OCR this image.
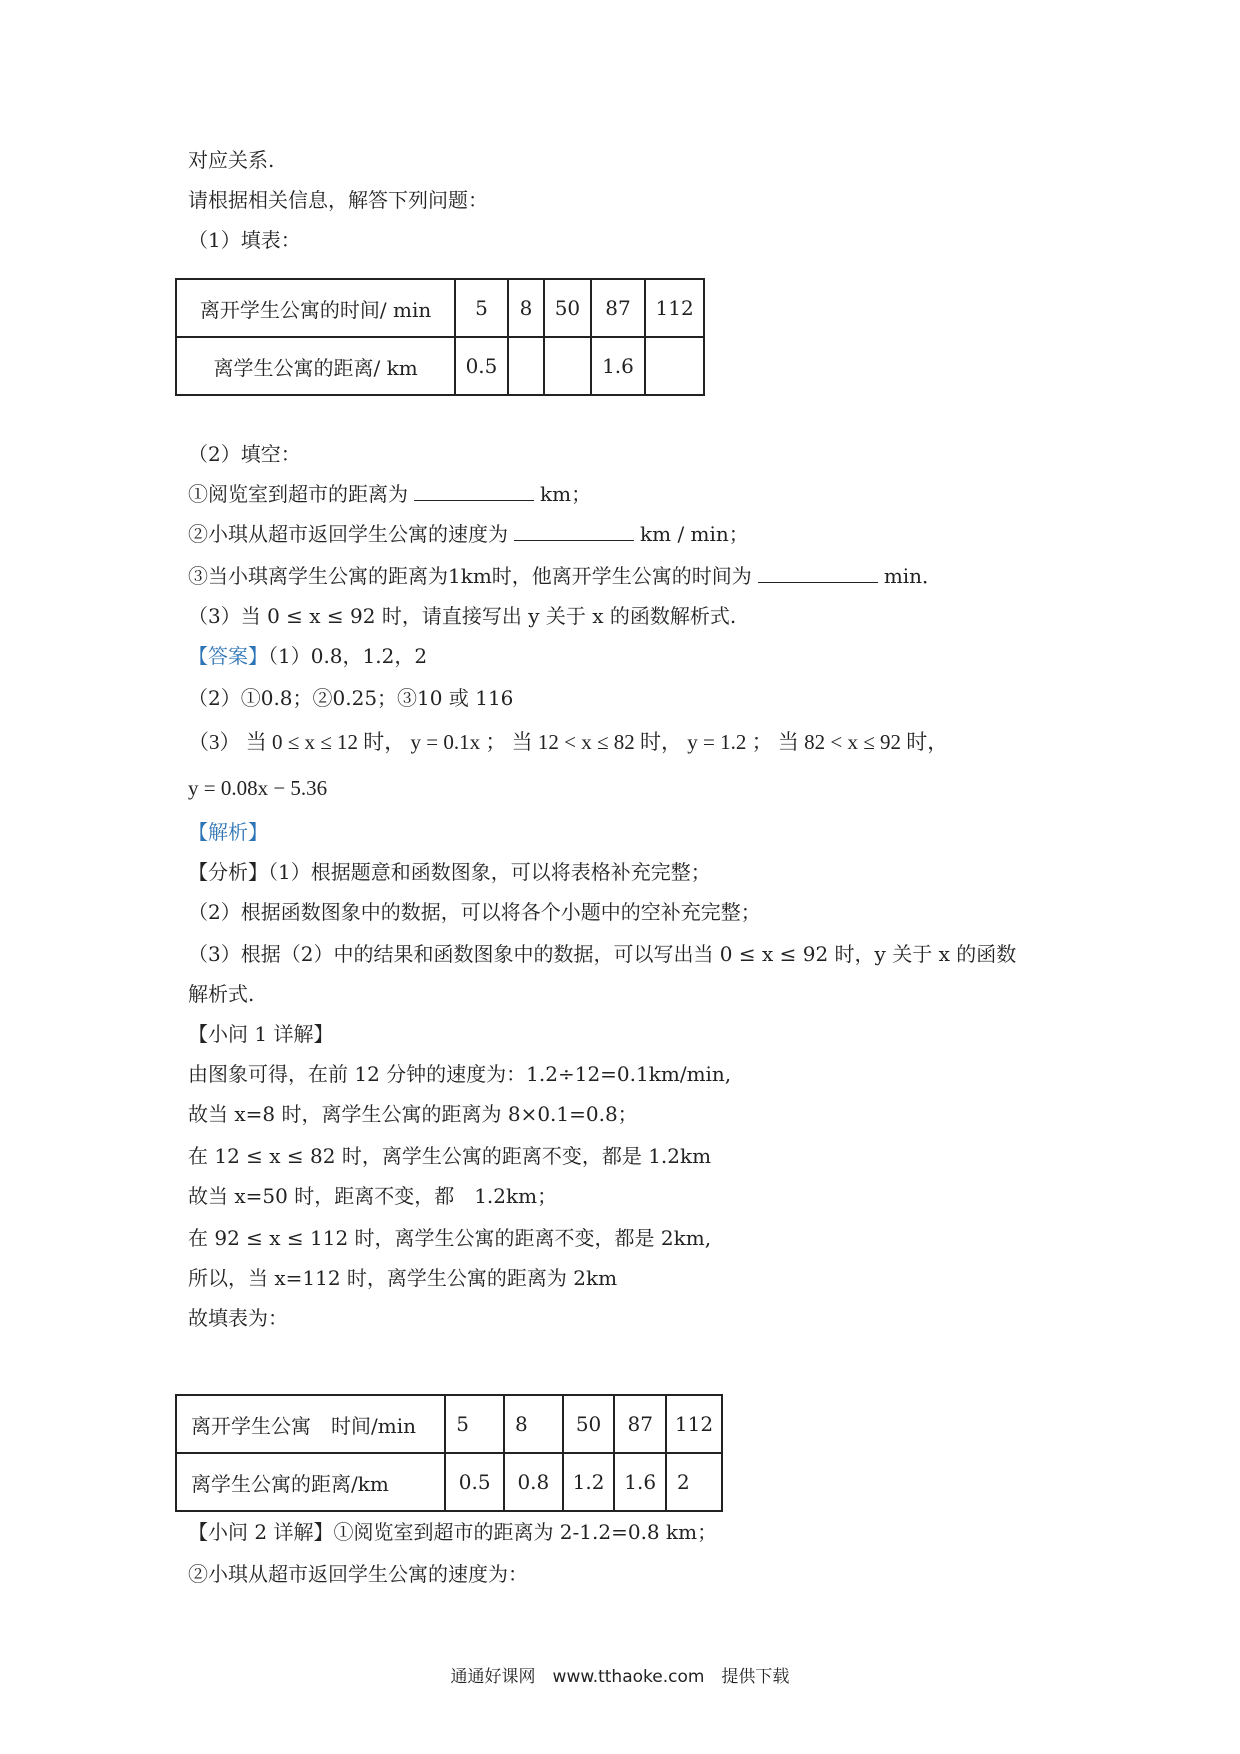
对应关系.
请根据相关信息，解答下列问题：
（1）填表：
离开学生公寓的时间/ min	5	8	50	87	112
离学生公寓的距离/ km	0.5			1.6	
（2）填空：
①阅览室到超市的距离为	km；
②小琪从超市返回学生公寓的速度为	km / min；
③当小琪离学生公寓的距离为1km时，他离开学生公寓的时间为	min．
（3）当 0 ≤ x ≤ 92 时，请直接写出 y 关于 x 的函数解析式.
【答案】（1）0.8，1.2，2
（2）①0.8；②0.25；③10 或 116
（3） 当 0 ≤ x ≤ 12 时， y = 0.1x ； 当 12 < x ≤ 82 时， y = 1.2 ； 当 82 < x ≤ 92 时，
y = 0.08x − 5.36
【解析】
【分析】（1）根据题意和函数图象，可以将表格补充完整；
（2）根据函数图象中的数据，可以将各个小题中的空补充完整；
（3）根据（2）中的结果和函数图象中的数据，可以写出当 0 ≤ x ≤ 92 时，y 关于 x 的函数
解析式.
【小问 1 详解】
由图象可得，在前 12 分钟的速度为：1.2÷12=0.1km/min,
故当 x=8 时，离学生公寓的距离为 8×0.1=0.8；
在 12 ≤ x ≤ 82 时，离学生公寓的距离不变，都是 1.2km
故当 x=50 时，距离不变，都　1.2km；
在 92 ≤ x ≤ 112 时，离学生公寓的距离不变，都是 2km,
所以，当 x=112 时，离学生公寓的距离为 2km
故填表为：
离开学生公寓　时间/min	5	8	50	87	112
离学生公寓的距离/km	0.5	0.8	1.2	1.6	2
【小问 2 详解】①阅览室到超市的距离为 2-1.2=0.8 km；
②小琪从超市返回学生公寓的速度为：
通通好课网　www.tthaoke.com　提供下载
